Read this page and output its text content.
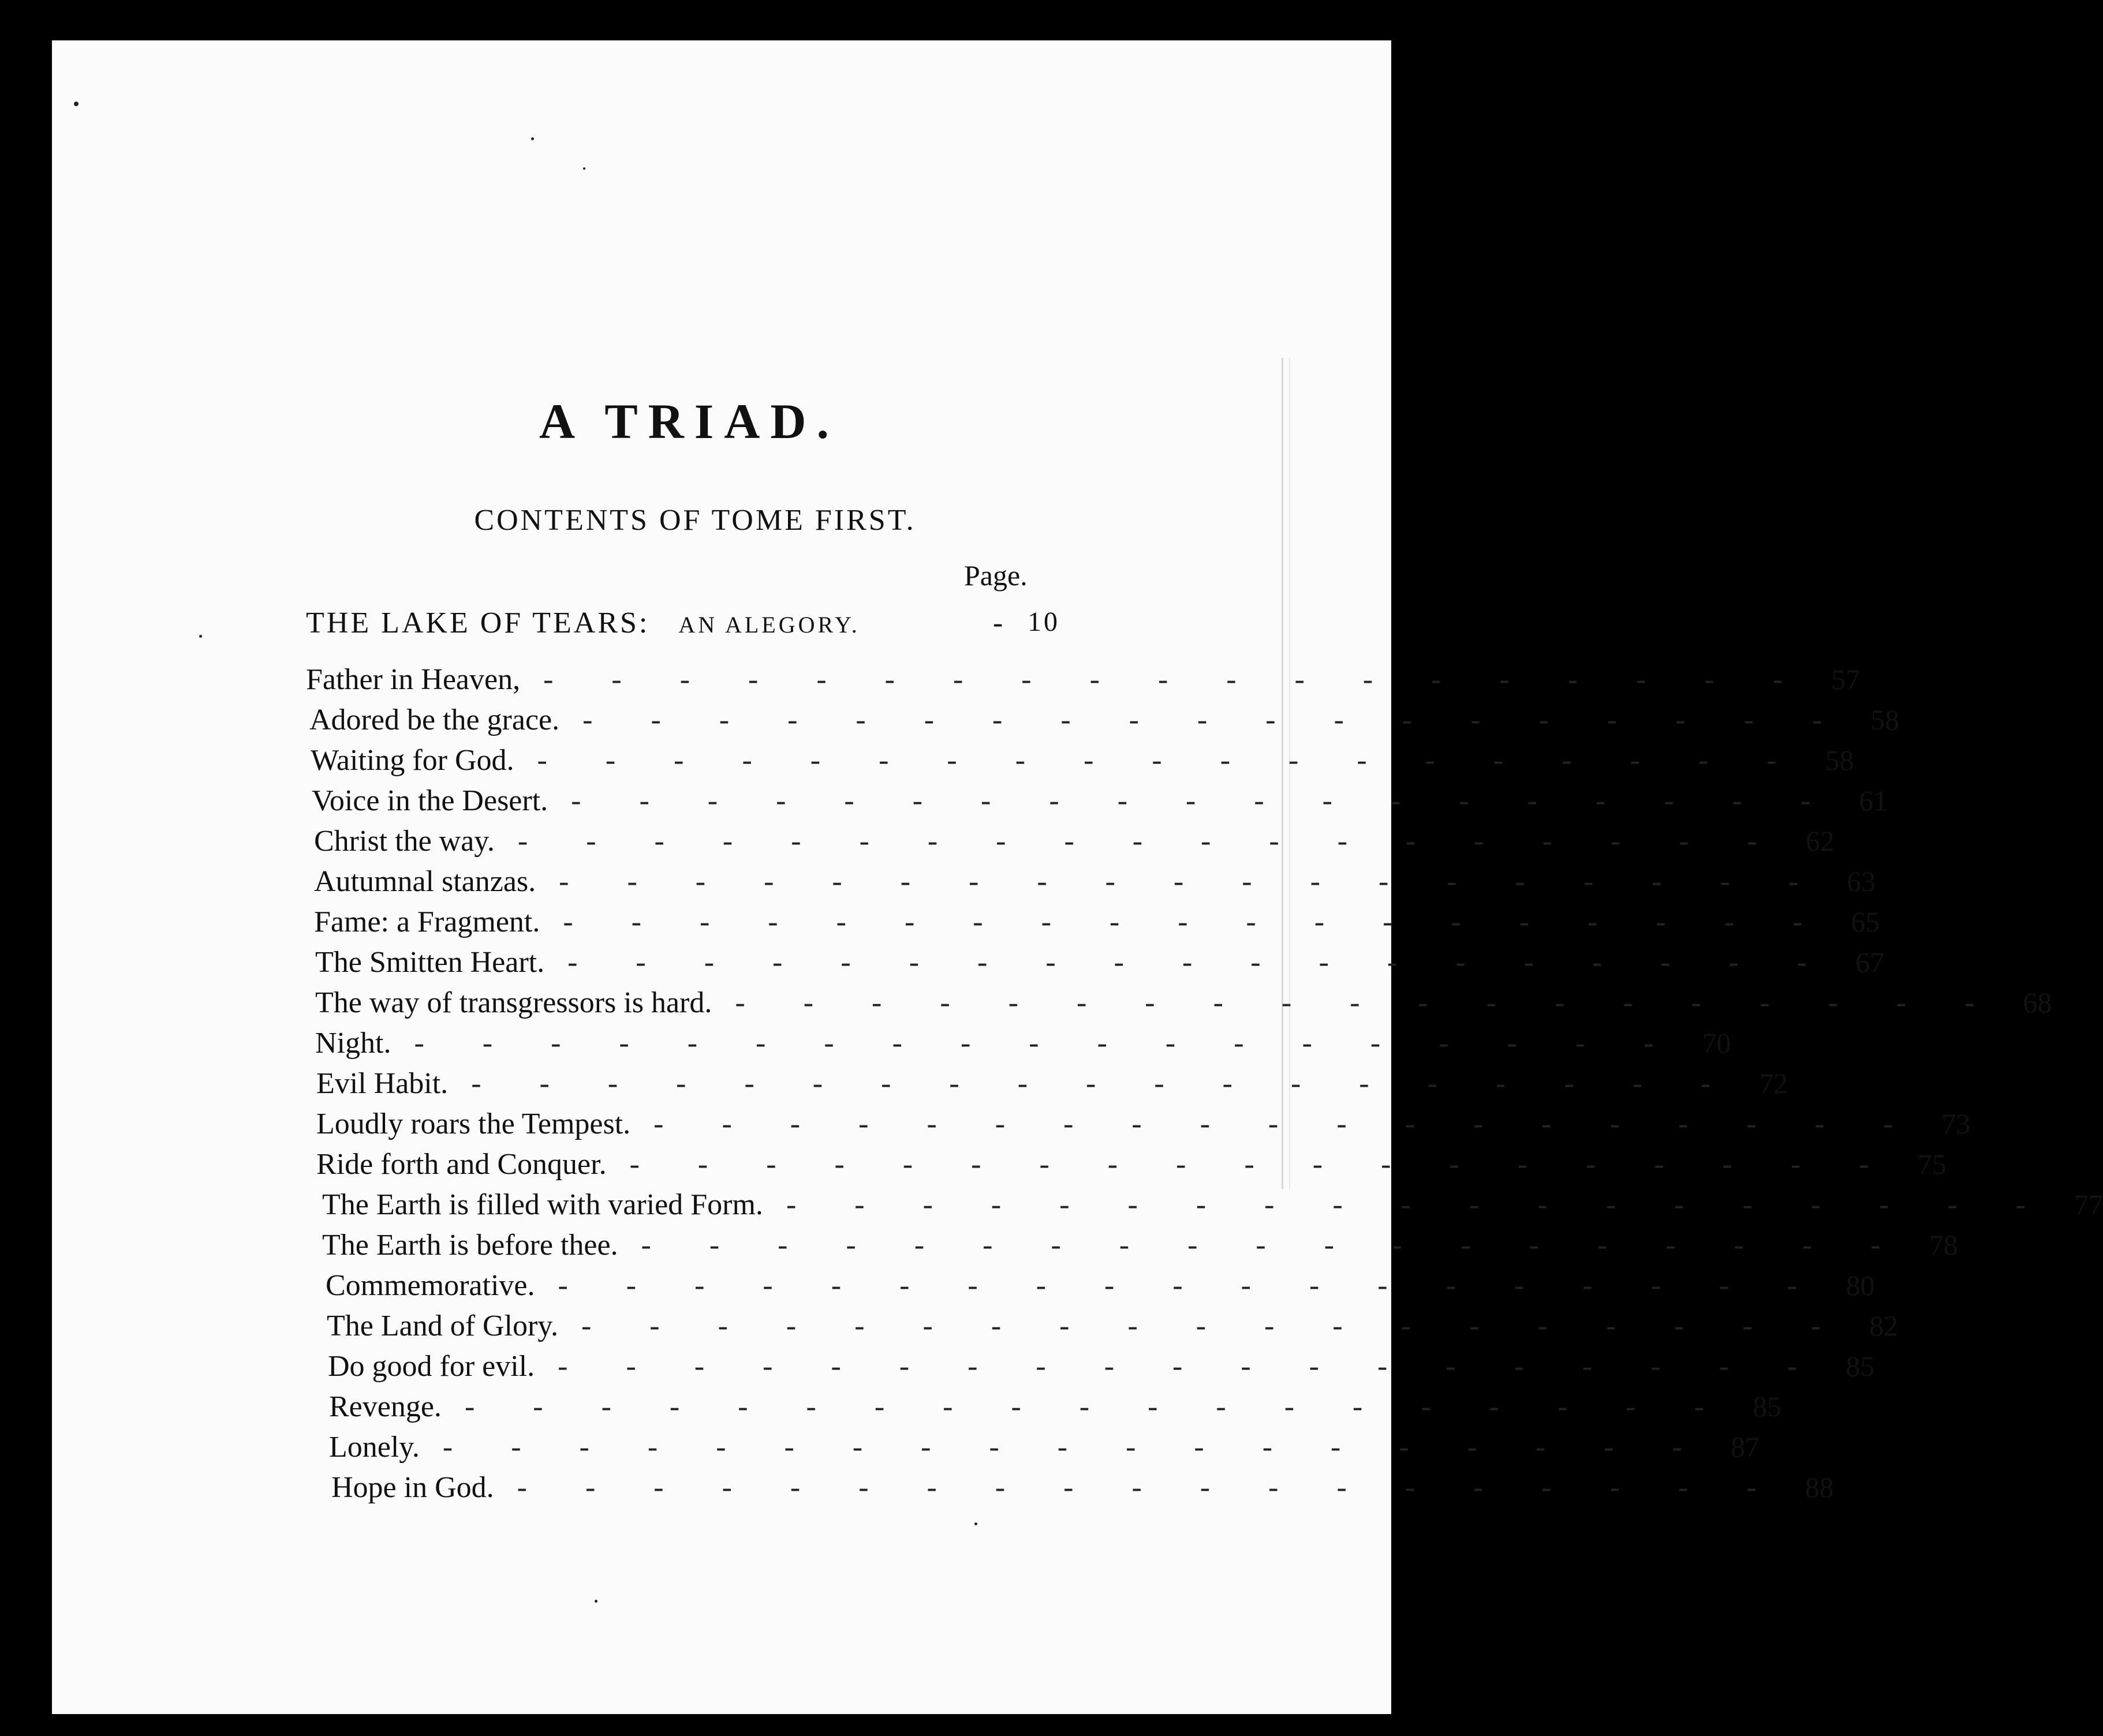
A TRIAD.
CONTENTS OF TOME FIRST.
Page.
THE LAKE OF TEARS: AN ALEGORY.	- 10
Father in Heaven, - - - - - - - - - - - - - - - - - - - 57
Adored be the grace. - - - - - - - - - - - - - - - - - - - 58
Waiting for God. - - - - - - - - - - - - - - - - - - - 58
Voice in the Desert. - - - - - - - - - - - - - - - - - - - 61
Christ the way. - - - - - - - - - - - - - - - - - - - 62
Autumnal stanzas. - - - - - - - - - - - - - - - - - - - 63
Fame: a Fragment. - - - - - - - - - - - - - - - - - - - 65
The Smitten Heart. - - - - - - - - - - - - - - - - - - - 67
The way of transgressors is hard. - - - - - - - - - - - - - - - - - - - 68
Night. - - - - - - - - - - - - - - - - - - - 70
Evil Habit. - - - - - - - - - - - - - - - - - - - 72
Loudly roars the Tempest. - - - - - - - - - - - - - - - - - - - 73
Ride forth and Conquer. - - - - - - - - - - - - - - - - - - - 75
The Earth is filled with varied Form. - - - - - - - - - - - - - - - - - - - 77
The Earth is before thee. - - - - - - - - - - - - - - - - - - - 78
Commemorative. - - - - - - - - - - - - - - - - - - - 80
The Land of Glory. - - - - - - - - - - - - - - - - - - - 82
Do good for evil. - - - - - - - - - - - - - - - - - - - 85
Revenge. - - - - - - - - - - - - - - - - - - - 85
Lonely. - - - - - - - - - - - - - - - - - - - 87
Hope in God. - - - - - - - - - - - - - - - - - - - 88
